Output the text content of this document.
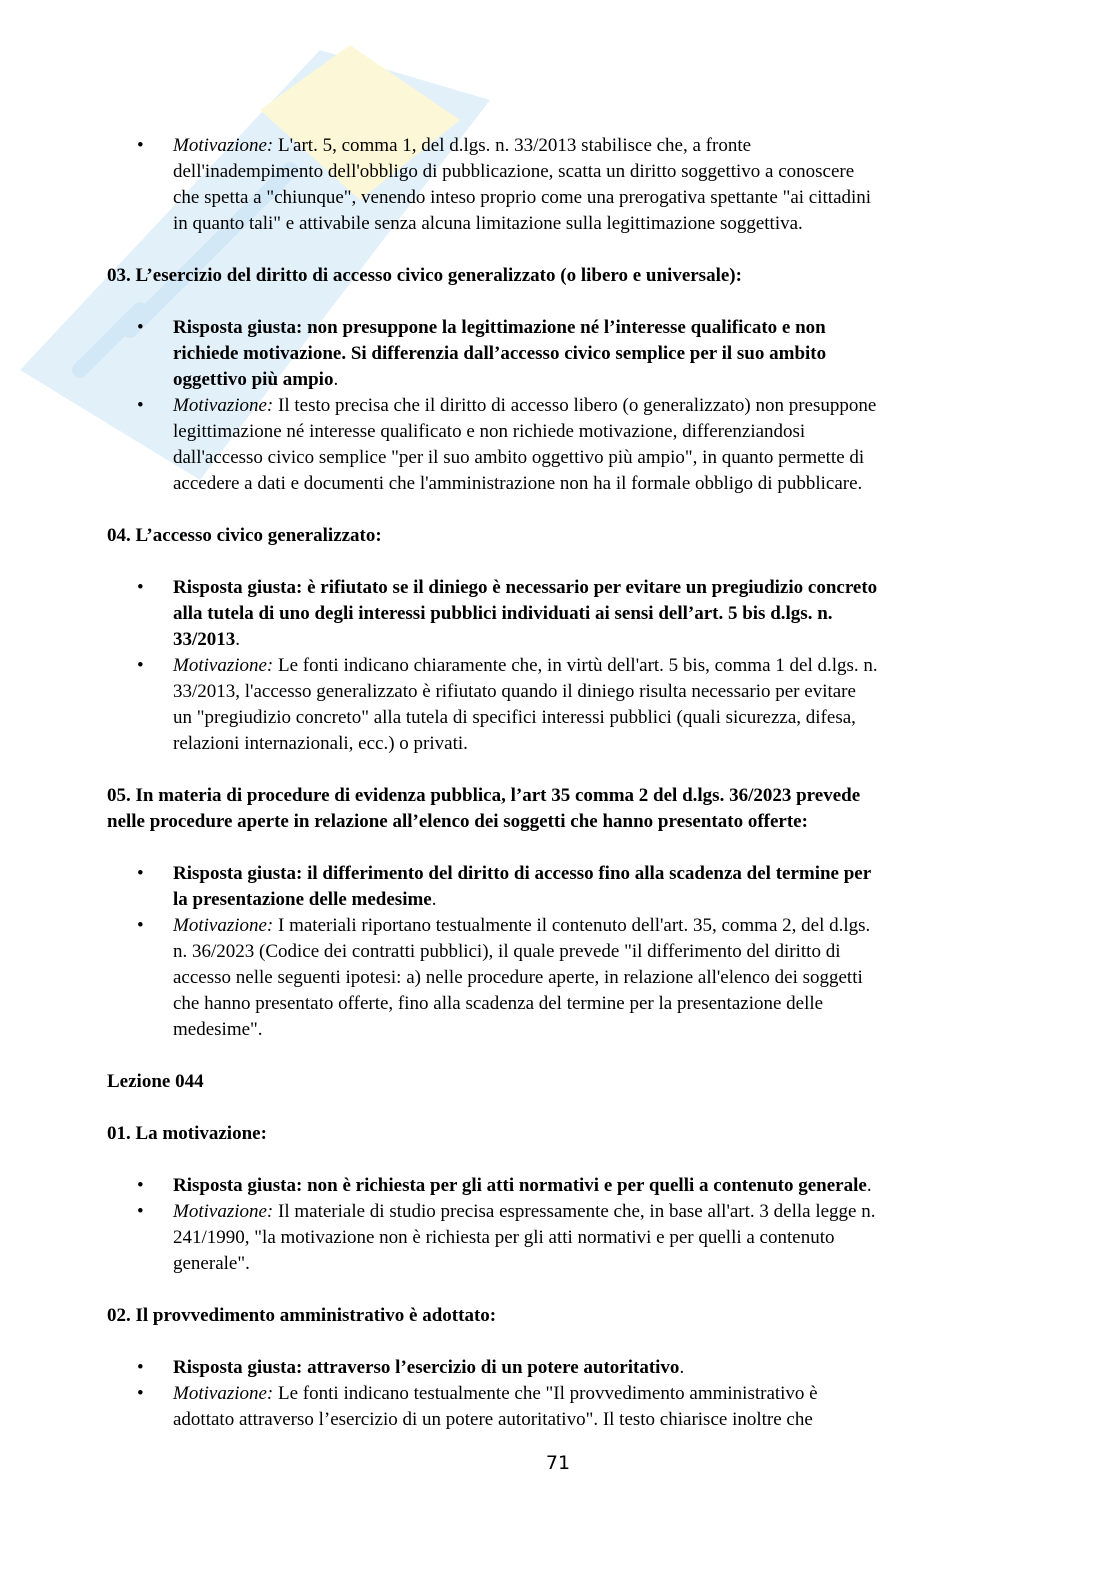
• Motivazione: L'art. 5, comma 1, del d.lgs. n. 33/2013 stabilisce che, a fronte
dell'inadempimento dell'obbligo di pubblicazione, scatta un diritto soggettivo a conoscere
che spetta a "chiunque", venendo inteso proprio come una prerogativa spettante "ai cittadini
in quanto tali" e attivabile senza alcuna limitazione sulla legittimazione soggettiva.
03. L’esercizio del diritto di accesso civico generalizzato (o libero e universale):
• Risposta giusta: non presuppone la legittimazione né l’interesse qualificato e non
richiede motivazione. Si differenzia dall’accesso civico semplice per il suo ambito
oggettivo più ampio.
• Motivazione: Il testo precisa che il diritto di accesso libero (o generalizzato) non presuppone
legittimazione né interesse qualificato e non richiede motivazione, differenziandosi
dall'accesso civico semplice "per il suo ambito oggettivo più ampio", in quanto permette di
accedere a dati e documenti che l'amministrazione non ha il formale obbligo di pubblicare.
04. L’accesso civico generalizzato:
• Risposta giusta: è rifiutato se il diniego è necessario per evitare un pregiudizio concreto
alla tutela di uno degli interessi pubblici individuati ai sensi dell’art. 5 bis d.lgs. n.
33/2013.
• Motivazione: Le fonti indicano chiaramente che, in virtù dell'art. 5 bis, comma 1 del d.lgs. n.
33/2013, l'accesso generalizzato è rifiutato quando il diniego risulta necessario per evitare
un "pregiudizio concreto" alla tutela di specifici interessi pubblici (quali sicurezza, difesa,
relazioni internazionali, ecc.) o privati.
05. In materia di procedure di evidenza pubblica, l’art 35 comma 2 del d.lgs. 36/2023 prevede
nelle procedure aperte in relazione all’elenco dei soggetti che hanno presentato offerte:
• Risposta giusta: il differimento del diritto di accesso fino alla scadenza del termine per
la presentazione delle medesime.
• Motivazione: I materiali riportano testualmente il contenuto dell'art. 35, comma 2, del d.lgs.
n. 36/2023 (Codice dei contratti pubblici), il quale prevede "il differimento del diritto di
accesso nelle seguenti ipotesi: a) nelle procedure aperte, in relazione all'elenco dei soggetti
che hanno presentato offerte, fino alla scadenza del termine per la presentazione delle
medesime".
Lezione 044
01. La motivazione:
• Risposta giusta: non è richiesta per gli atti normativi e per quelli a contenuto generale.
• Motivazione: Il materiale di studio precisa espressamente che, in base all'art. 3 della legge n.
241/1990, "la motivazione non è richiesta per gli atti normativi e per quelli a contenuto
generale".
02. Il provvedimento amministrativo è adottato:
• Risposta giusta: attraverso l’esercizio di un potere autoritativo.
• Motivazione: Le fonti indicano testualmente che "Il provvedimento amministrativo è
adottato attraverso l’esercizio di un potere autoritativo". Il testo chiarisce inoltre che
71
